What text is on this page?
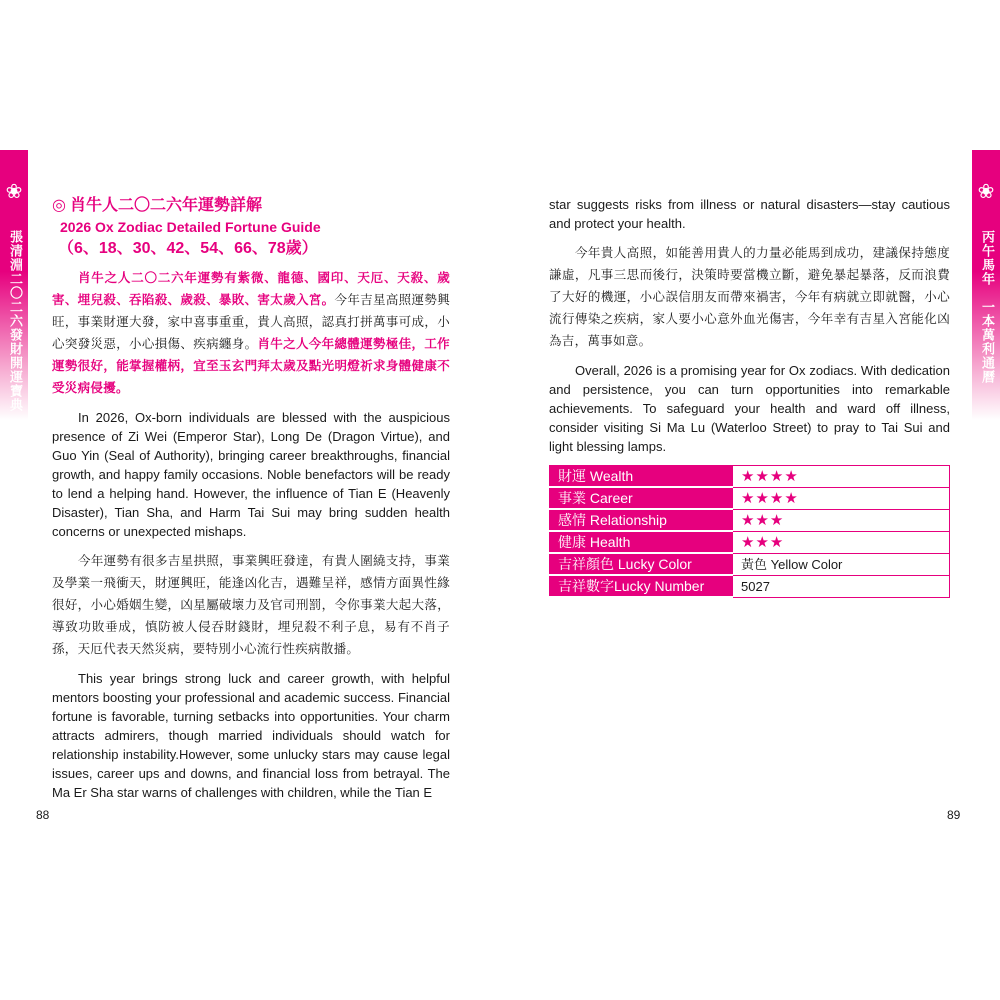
❀
張清淵二〇二六發財開運寶典
❀
丙午馬年一本萬利通曆
◎ 肖牛人二〇二六年運勢詳解
2026 Ox Zodiac Detailed Fortune Guide
（6、18、30、42、54、66、78歲）

肖牛之人二〇二六年運勢有紫微、龍德、國印、天厄、天殺、歲害、埋兒殺、吞陷殺、歲殺、暴敗、害太歲入宮。今年吉星高照運勢興旺，事業財運大發，家中喜事重重，貴人高照，認真打拼萬事可成，小心突發災惡，小心損傷、疾病纏身。肖牛之人今年總體運勢極佳，工作運勢很好，能掌握權柄，宜至玉玄門拜太歲及點光明燈祈求身體健康不受災病侵擾。

In 2026, Ox-born individuals are blessed with the auspicious presence of Zi Wei (Emperor Star), Long De (Dragon Virtue), and Guo Yin (Seal of Authority), bringing career breakthroughs, financial growth, and happy family occasions. Noble benefactors will be ready to lend a helping hand. However, the influence of Tian E (Heavenly Disaster), Tian Sha, and Harm Tai Sui may bring sudden health concerns or unexpected mishaps.

今年運勢有很多吉星拱照，事業興旺發達，有貴人圍繞支持，事業及學業一飛衝天，財運興旺，能逢凶化吉，遇難呈祥，感情方面異性緣很好，小心婚姻生變，凶星屬破壞力及官司刑罰，令你事業大起大落，導致功敗垂成，慎防被人侵吞財錢財，埋兒殺不利子息，易有不肖子孫，天厄代表天然災病，要特別小心流行性疾病散播。

This year brings strong luck and career growth, with helpful mentors boosting your professional and academic success. Financial fortune is favorable, turning setbacks into opportunities. Your charm attracts admirers, though married individuals should watch for relationship instability.However, some unlucky stars may cause legal issues, career ups and downs, and financial loss from betrayal. The Ma Er Sha star warns of challenges with children, while the Tian E

star suggests risks from illness or natural disasters—stay cautious and protect your health.

今年貴人高照，如能善用貴人的力量必能馬到成功，建議保持態度謙虛，凡事三思而後行，決策時要當機立斷，避免暴起暴落，反而浪費了大好的機運，小心誤信朋友而帶來禍害，今年有病就立即就醫，小心流行傳染之疾病，家人要小心意外血光傷害，今年幸有吉星入宮能化凶為吉，萬事如意。

Overall, 2026 is a promising year for Ox zodiacs. With dedication and persistence, you can turn opportunities into remarkable achievements. To safeguard your health and ward off illness, consider visiting Si Ma Lu (Waterloo Street) to pray to Tai Sui and light blessing lamps.

財運 Wealth	★★★★
事業 Career	★★★★
感情 Relationship	★★★
健康 Health	★★★
吉祥顏色 Lucky Color	黃色 Yellow Color
吉祥數字Lucky Number	5027
88	89
